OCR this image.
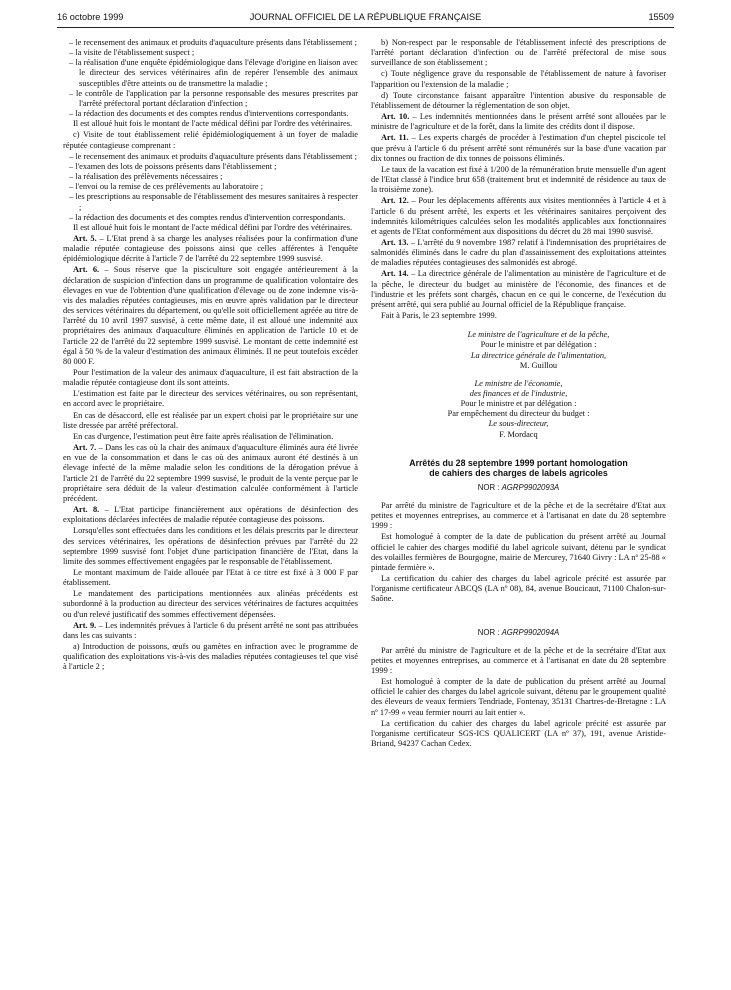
16 octobre 1999	JOURNAL OFFICIEL DE LA RÉPUBLIQUE FRANÇAISE	15509

– le recensement des animaux et produits d'aquaculture présents dans l'établissement ;

– la visite de l'établissement suspect ;

– la réalisation d'une enquête épidémiologique dans l'élevage d'origine en liaison avec le directeur des services vétérinaires afin de repérer l'ensemble des animaux susceptibles d'être atteints ou de transmettre la maladie ;

– le contrôle de l'application par la personne responsable des mesures prescrites par l'arrêté préfectoral portant déclaration d'infection ;

– la rédaction des documents et des comptes rendus d'interventions correspondants.

Il est alloué huit fois le montant de l'acte médical défini par l'ordre des vétérinaires.

c) Visite de tout établissement relié épidémiologiquement à un foyer de maladie réputée contagieuse comprenant :

– le recensement des animaux et produits d'aquaculture présents dans l'établissement ;

– l'examen des lots de poissons présents dans l'établissement ;

– la réalisation des prélèvements nécessaires ;

– l'envoi ou la remise de ces prélèvements au laboratoire ;

– les prescriptions au responsable de l'établissement des mesures sanitaires à respecter ;

– la rédaction des documents et des comptes rendus d'intervention correspondants.

Il est alloué huit fois le montant de l'acte médical défini par l'ordre des vétérinaires.

Art. 5. – L'Etat prend à sa charge les analyses réalisées pour la confirmation d'une maladie réputée contagieuse des poissons ainsi que celles afférentes à l'enquête épidémiologique décrite à l'article 7 de l'arrêté du 22 septembre 1999 susvisé.

Art. 6. – Sous réserve que la pisciculture soit engagée antérieurement à la déclaration de suspicion d'infection dans un programme de qualification volontaire des élevages en vue de l'obtention d'une qualification d'élevage ou de zone indemne vis-à-vis des maladies réputées contagieuses, mis en œuvre après validation par le directeur des services vétérinaires du département, ou qu'elle soit officiellement agréée au titre de l'arrêté du 10 avril 1997 susvisé, à cette même date, il est alloué une indemnité aux propriétaires des animaux d'aquaculture éliminés en application de l'article 10 et de l'article 22 de l'arrêté du 22 septembre 1999 susvisé. Le montant de cette indemnité est égal à 50 % de la valeur d'estimation des animaux éliminés. Il ne peut toutefois excéder 80 000 F.

Pour l'estimation de la valeur des animaux d'aquaculture, il est fait abstraction de la maladie réputée contagieuse dont ils sont atteints.

L'estimation est faite par le directeur des services vétérinaires, ou son représentant, en accord avec le propriétaire.

En cas de désaccord, elle est réalisée par un expert choisi par le propriétaire sur une liste dressée par arrêté préfectoral.

En cas d'urgence, l'estimation peut être faite après réalisation de l'élimination.

Art. 7. – Dans les cas où la chair des animaux d'aquaculture éliminés aura été livrée en vue de la consommation et dans le cas où des animaux auront été destinés à un élevage infecté de la même maladie selon les conditions de la dérogation prévue à l'article 21 de l'arrêté du 22 septembre 1999 susvisé, le produit de la vente perçue par le propriétaire sera déduit de la valeur d'estimation calculée conformément à l'article précédent.

Art. 8. – L'Etat participe financièrement aux opérations de désinfection des exploitations déclarées infectées de maladie réputée contagieuse des poissons.

Lorsqu'elles sont effectuées dans les conditions et les délais prescrits par le directeur des services vétérinaires, les opérations de désinfection prévues par l'arrêté du 22 septembre 1999 susvisé font l'objet d'une participation financière de l'Etat, dans la limite des sommes effectivement engagées par le responsable de l'établissement.

Le montant maximum de l'aide allouée par l'Etat à ce titre est fixé à 3 000 F par établissement.

Le mandatement des participations mentionnées aux alinéas précédents est subordonné à la production au directeur des services vétérinaires de factures acquittées ou d'un relevé justificatif des sommes effectivement dépensées.

Art. 9. – Les indemnités prévues à l'article 6 du présent arrêté ne sont pas attribuées dans les cas suivants :

a) Introduction de poissons, œufs ou gamètes en infraction avec le programme de qualification des exploitations vis-à-vis des maladies réputées contagieuses tel que visé à l'article 2 ;

b) Non-respect par le responsable de l'établissement infecté des prescriptions de l'arrêté portant déclaration d'infection ou de l'arrêté préfectoral de mise sous surveillance de son établissement ;

c) Toute négligence grave du responsable de l'établissement de nature à favoriser l'apparition ou l'extension de la maladie ;

d) Toute circonstance faisant apparaître l'intention abusive du responsable de l'établissement de détourner la réglementation de son objet.

Art. 10. – Les indemnités mentionnées dans le présent arrêté sont allouées par le ministre de l'agriculture et de la forêt, dans la limite des crédits dont il dispose.

Art. 11. – Les experts chargés de procéder à l'estimation d'un cheptel piscicole tel que prévu à l'article 6 du présent arrêté sont rémunérés sur la base d'une vacation par dix tonnes ou fraction de dix tonnes de poissons éliminés.

Le taux de la vacation est fixé à 1/200 de la rémunération brute mensuelle d'un agent de l'Etat classé à l'indice brut 658 (traitement brut et indemnité de résidence au taux de la troisième zone).

Art. 12. – Pour les déplacements afférents aux visites mentionnées à l'article 4 et à l'article 6 du présent arrêté, les experts et les vétérinaires sanitaires perçoivent des indemnités kilométriques calculées selon les modalités applicables aux fonctionnaires et agents de l'Etat conformément aux dispositions du décret du 28 mai 1990 susvisé.

Art. 13. – L'arrêté du 9 novembre 1987 relatif à l'indemnisation des propriétaires de salmonidés éliminés dans le cadre du plan d'assainissement des exploitations atteintes de maladies réputées contagieuses des salmonidés est abrogé.

Art. 14. – La directrice générale de l'alimentation au ministère de l'agriculture et de la pêche, le directeur du budget au ministère de l'économie, des finances et de l'industrie et les préfets sont chargés, chacun en ce qui le concerne, de l'exécution du présent arrêté, qui sera publié au Journal officiel de la République française.

Fait à Paris, le 23 septembre 1999.

Le ministre de l'agriculture et de la pêche,

Pour le ministre et par délégation :

La directrice générale de l'alimentation,

M. Guillou

Le ministre de l'économie,

des finances et de l'industrie,

Pour le ministre et par délégation :

Par empêchement du directeur du budget :

Le sous-directeur,

F. Mordacq

Arrêtés du 28 septembre 1999 portant homologation

de cahiers des charges de labels agricoles

NOR : AGRP9902093A

Par arrêté du ministre de l'agriculture et de la pêche et de la secrétaire d'Etat aux petites et moyennes entreprises, au commerce et à l'artisanat en date du 28 septembre 1999 :

Est homologué à compter de la date de publication du présent arrêté au Journal officiel le cahier des charges modifié du label agricole suivant, détenu par le syndicat des volailles fermières de Bourgogne, mairie de Mercurey, 71640 Givry : LA nº 25-88 « pintade fermière ».

La certification du cahier des charges du label agricole précité est assurée par l'organisme certificateur ABCQS (LA nº 08), 84, avenue Boucicaut, 71100 Chalon-sur-Saône.

NOR : AGRP9902094A

Par arrêté du ministre de l'agriculture et de la pêche et de la secrétaire d'Etat aux petites et moyennes entreprises, au commerce et à l'artisanat en date du 28 septembre 1999 :

Est homologué à compter de la date de publication du présent arrêté au Journal officiel le cahier des charges du label agricole suivant, détenu par le groupement qualité des éleveurs de veaux fermiers Tendriade, Fontenay, 35131 Chartres-de-Bretagne : LA nº 17-99 « veau fermier nourri au lait entier ».

La certification du cahier des charges du label agricole précité est assurée par l'organisme certificateur SGS-ICS QUALICERT (LA nº 37), 191, avenue Aristide-Briand, 94237 Cachan Cedex.
